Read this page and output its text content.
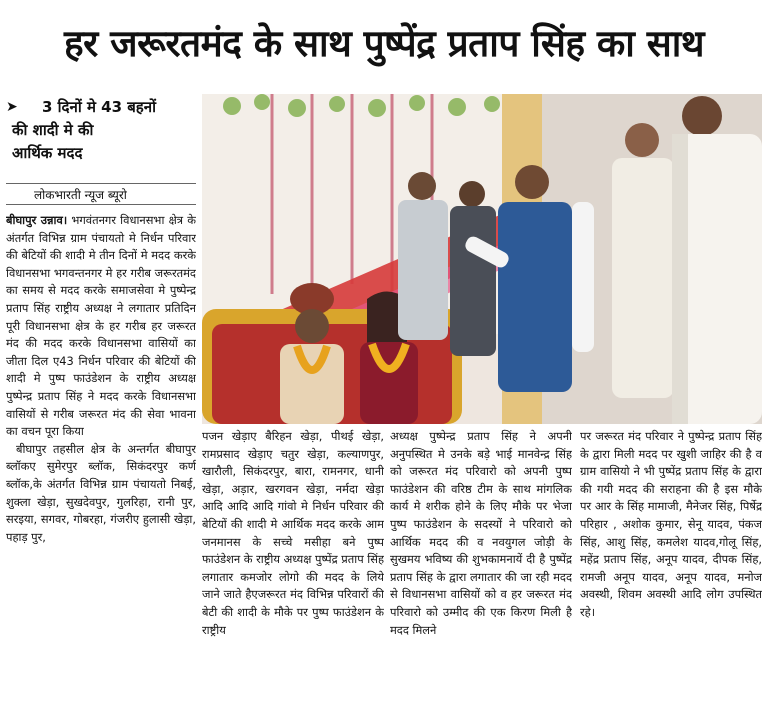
हर जरूरतमंद के साथ पुष्पेंद्र प्रताप सिंह का साथ
➤ 3 दिनों मे 43 बहनों
की शादी मे की
आर्थिक मदद
लोकभारती न्यूज ब्यूरो

बीघापुर उन्नाव। भगवंतनगर विधानसभा क्षेत्र के अंतर्गत विभिन्न ग्राम पंचायतो मे निर्धन परिवार की बेटियों की शादी मे तीन दिनों मे मदद करके विधानसभा भगवन्तनगर मे हर गरीब जरूरतमंद का समय से मदद करके समाजसेवा मे पुष्पेन्द्र प्रताप सिंह राष्ट्रीय अध्यक्ष ने लगातार प्रतिदिन पूरी विधानसभा क्षेत्र के हर गरीब हर जरूरत मंद की मदद करके विधानसभा वासियों का जीता दिल ए43 निर्धन परिवार की बेटियों की शादी मे पुष्प फाउंडेशन के राष्ट्रीय अध्यक्ष पुष्पेन्द्र प्रताप सिंह ने मदद करके विधानसभा वासियों से गरीब जरूरत मंद की सेवा भावना का वचन पूरा किया

बीघापुर तहसील क्षेत्र के अन्तर्गत बीघापुर ब्लॉकए सुमेरपुर ब्लॉक, सिकंदरपुर कर्ण ब्लॉक,के अंतर्गत विभिन्न ग्राम पंचायतो निबई, शुक्ला खेड़ा, सुखदेवपुर, गुलरिहा, रानी पुर, सरइया, सगवर, गोबरहा, गंजरीए हुलासी खेड़ा, पहाड़ पुर,

पजन खेड़ाए बैरिहन खेड़ा, पीथई खेड़ा, रामप्रसाद खेड़ाए चतुर खेड़ा, कल्याणपुर, खारौली, सिकंदरपुर, बारा, रामनगर, धानी खेड़ा, अड़ार, खरगवन खेड़ा, नर्मदा खेड़ा आदि आदि आदि गांवो मे निर्धन परिवार की बेटियों की शादी मे आर्थिक मदद करके आम जनमानस के सच्चे मसीहा बने पुष्प फाउंडेशन के राष्ट्रीय अध्यक्ष पुष्पेंद्र प्रताप सिंह लगातार कमजोर लोगो की मदद के लिये जाने जाते हैएजरूरत मंद विभिन्न परिवारों की बेटी की शादी के मौके पर पुष्प फाउंडेशन के राष्ट्रीय

अध्यक्ष पुष्पेन्द्र प्रताप सिंह ने अपनी अनुपस्थित मे उनके बड़े भाई मानवेन्द्र सिंह को जरूरत मंद परिवारो को अपनी पुष्प फाउंडेशन की वरिष्ठ टीम के साथ मांगलिक कार्य मे शरीक होने के लिए मौके पर भेजा पुष्प फाउंडेशन के सदस्यों ने परिवारो को आर्थिक मदद की व नवयुगल जोड़ी के सुखमय भविष्य की शुभकामनायें दी है पुष्पेंद्र प्रताप सिंह के द्वारा लगातार की जा रही मदद से विधानसभा वासियों को व हर जरूरत मंद परिवारो को उम्मीद की एक किरण मिली है मदद मिलने

पर जरूरत मंद परिवार ने पुष्पेन्द्र प्रताप सिंह के द्वारा मिली मदद पर खुशी जाहिर की है व ग्राम वासियो ने भी पुष्पेंद्र प्रताप सिंह के द्वारा की गयी मदद की सराहना की है इस मौके पर आर के सिंह मामाजी, मैनेजर सिंह, पिर्षेद्र परिहार , अशोक कुमार, सेनू यादव, पंकज सिंह, आशु सिंह, कमलेश यादव,गोलू सिंह, महेंद्र प्रताप सिंह, अनूप यादव, दीपक सिंह, रामजी अनूप यादव, अनूप यादव, मनोज अवस्थी, शिवम अवस्थी आदि लोग उपस्थित रहे।
